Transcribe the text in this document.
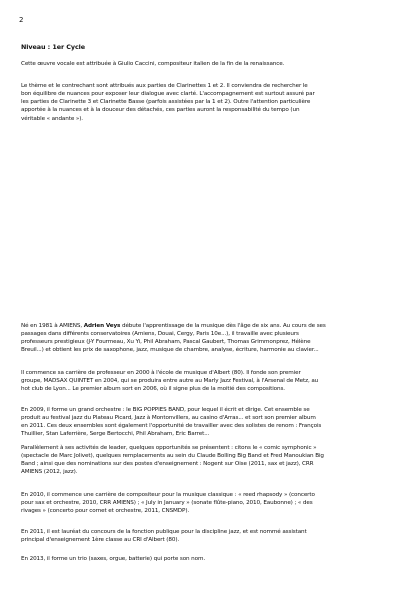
2
Niveau : 1er Cycle
Cette œuvre vocale est attribuée à Giulio Caccini, compositeur italien de la fin de la renaissance.
Le thème et le contrechant sont attribués aux parties de Clarinettes 1 et 2. Il conviendra de rechercher le
bon équilibre de nuances pour exposer leur dialogue avec clarté. L'accompagnement est surtout assuré par
les parties de Clarinette 3 et Clarinette Basse (parfois assistées par la 1 et 2). Outre l'attention particulière
apportée à la nuances et à la douceur des détachés, ces parties auront la responsabilité du tempo (un
véritable « andante »).
Né en 1981 à AMIENS, Adrien Veys débute l'apprentissage de la musique dès l'âge de six ans. Au cours de ses
passages dans différents conservatoires (Amiens, Douai, Cergy, Paris 10e...), il travaille avec plusieurs
professeurs prestigieux (J-Y Fourmeau, Xu Yi, Phil Abraham, Pascal Gaubert, Thomas Grimmonprez, Hélène
Breuil...) et obtient les prix de saxophone, jazz, musique de chambre, analyse, écriture, harmonie au clavier...
Il commence sa carrière de professeur en 2000 à l'école de musique d'Albert (80). Il fonde son premier
groupe, MADSAX QUINTET en 2004, qui se produira entre autre au Marly Jazz Festival, à l'Arsenal de Metz, au
hot club de Lyon... Le premier album sort en 2006, où il signe plus de la moitié des compositions.
En 2009, il forme un grand orchestre : le BIG POPPIES BAND, pour lequel il écrit et dirige. Cet ensemble se
produit au festival jazz du Plateau Picard, Jazz à Montonvillers, au casino d'Arras... et sort son premier album
en 2011. Ces deux ensembles sont également l'opportunité de travailler avec des solistes de renom : François
Thuillier, Stan Laferrière, Serge Bertocchi, Phil Abraham, Eric Barret...
Parallèlement à ses activités de leader, quelques opportunités se présentent : citons le « comic symphonic »
(spectacle de Marc Jolivet), quelques remplacements au sein du Claude Bolling Big Band et Fred Manoukian Big
Band ; ainsi que des nominations sur des postes d'enseignement : Nogent sur Oise (2011, sax et jazz), CRR
AMIENS (2012, jazz).
En 2010, il commence une carrière de compositeur pour la musique classique : « reed rhapsody » (concerto
pour sax et orchestre, 2010, CRR AMIENS) ; « July in January » (sonate flûte-piano, 2010, Eaubonne) ; « des
rivages » (concerto pour cornet et orchestre, 2011, CNSMDP).
En 2011, il est lauréat du concours de la fonction publique pour la discipline jazz, et est nommé assistant
principal d'enseignement 1ère classe au CRI d'Albert (80).
En 2013, il forme un trio (saxes, orgue, batterie) qui porte son nom.
